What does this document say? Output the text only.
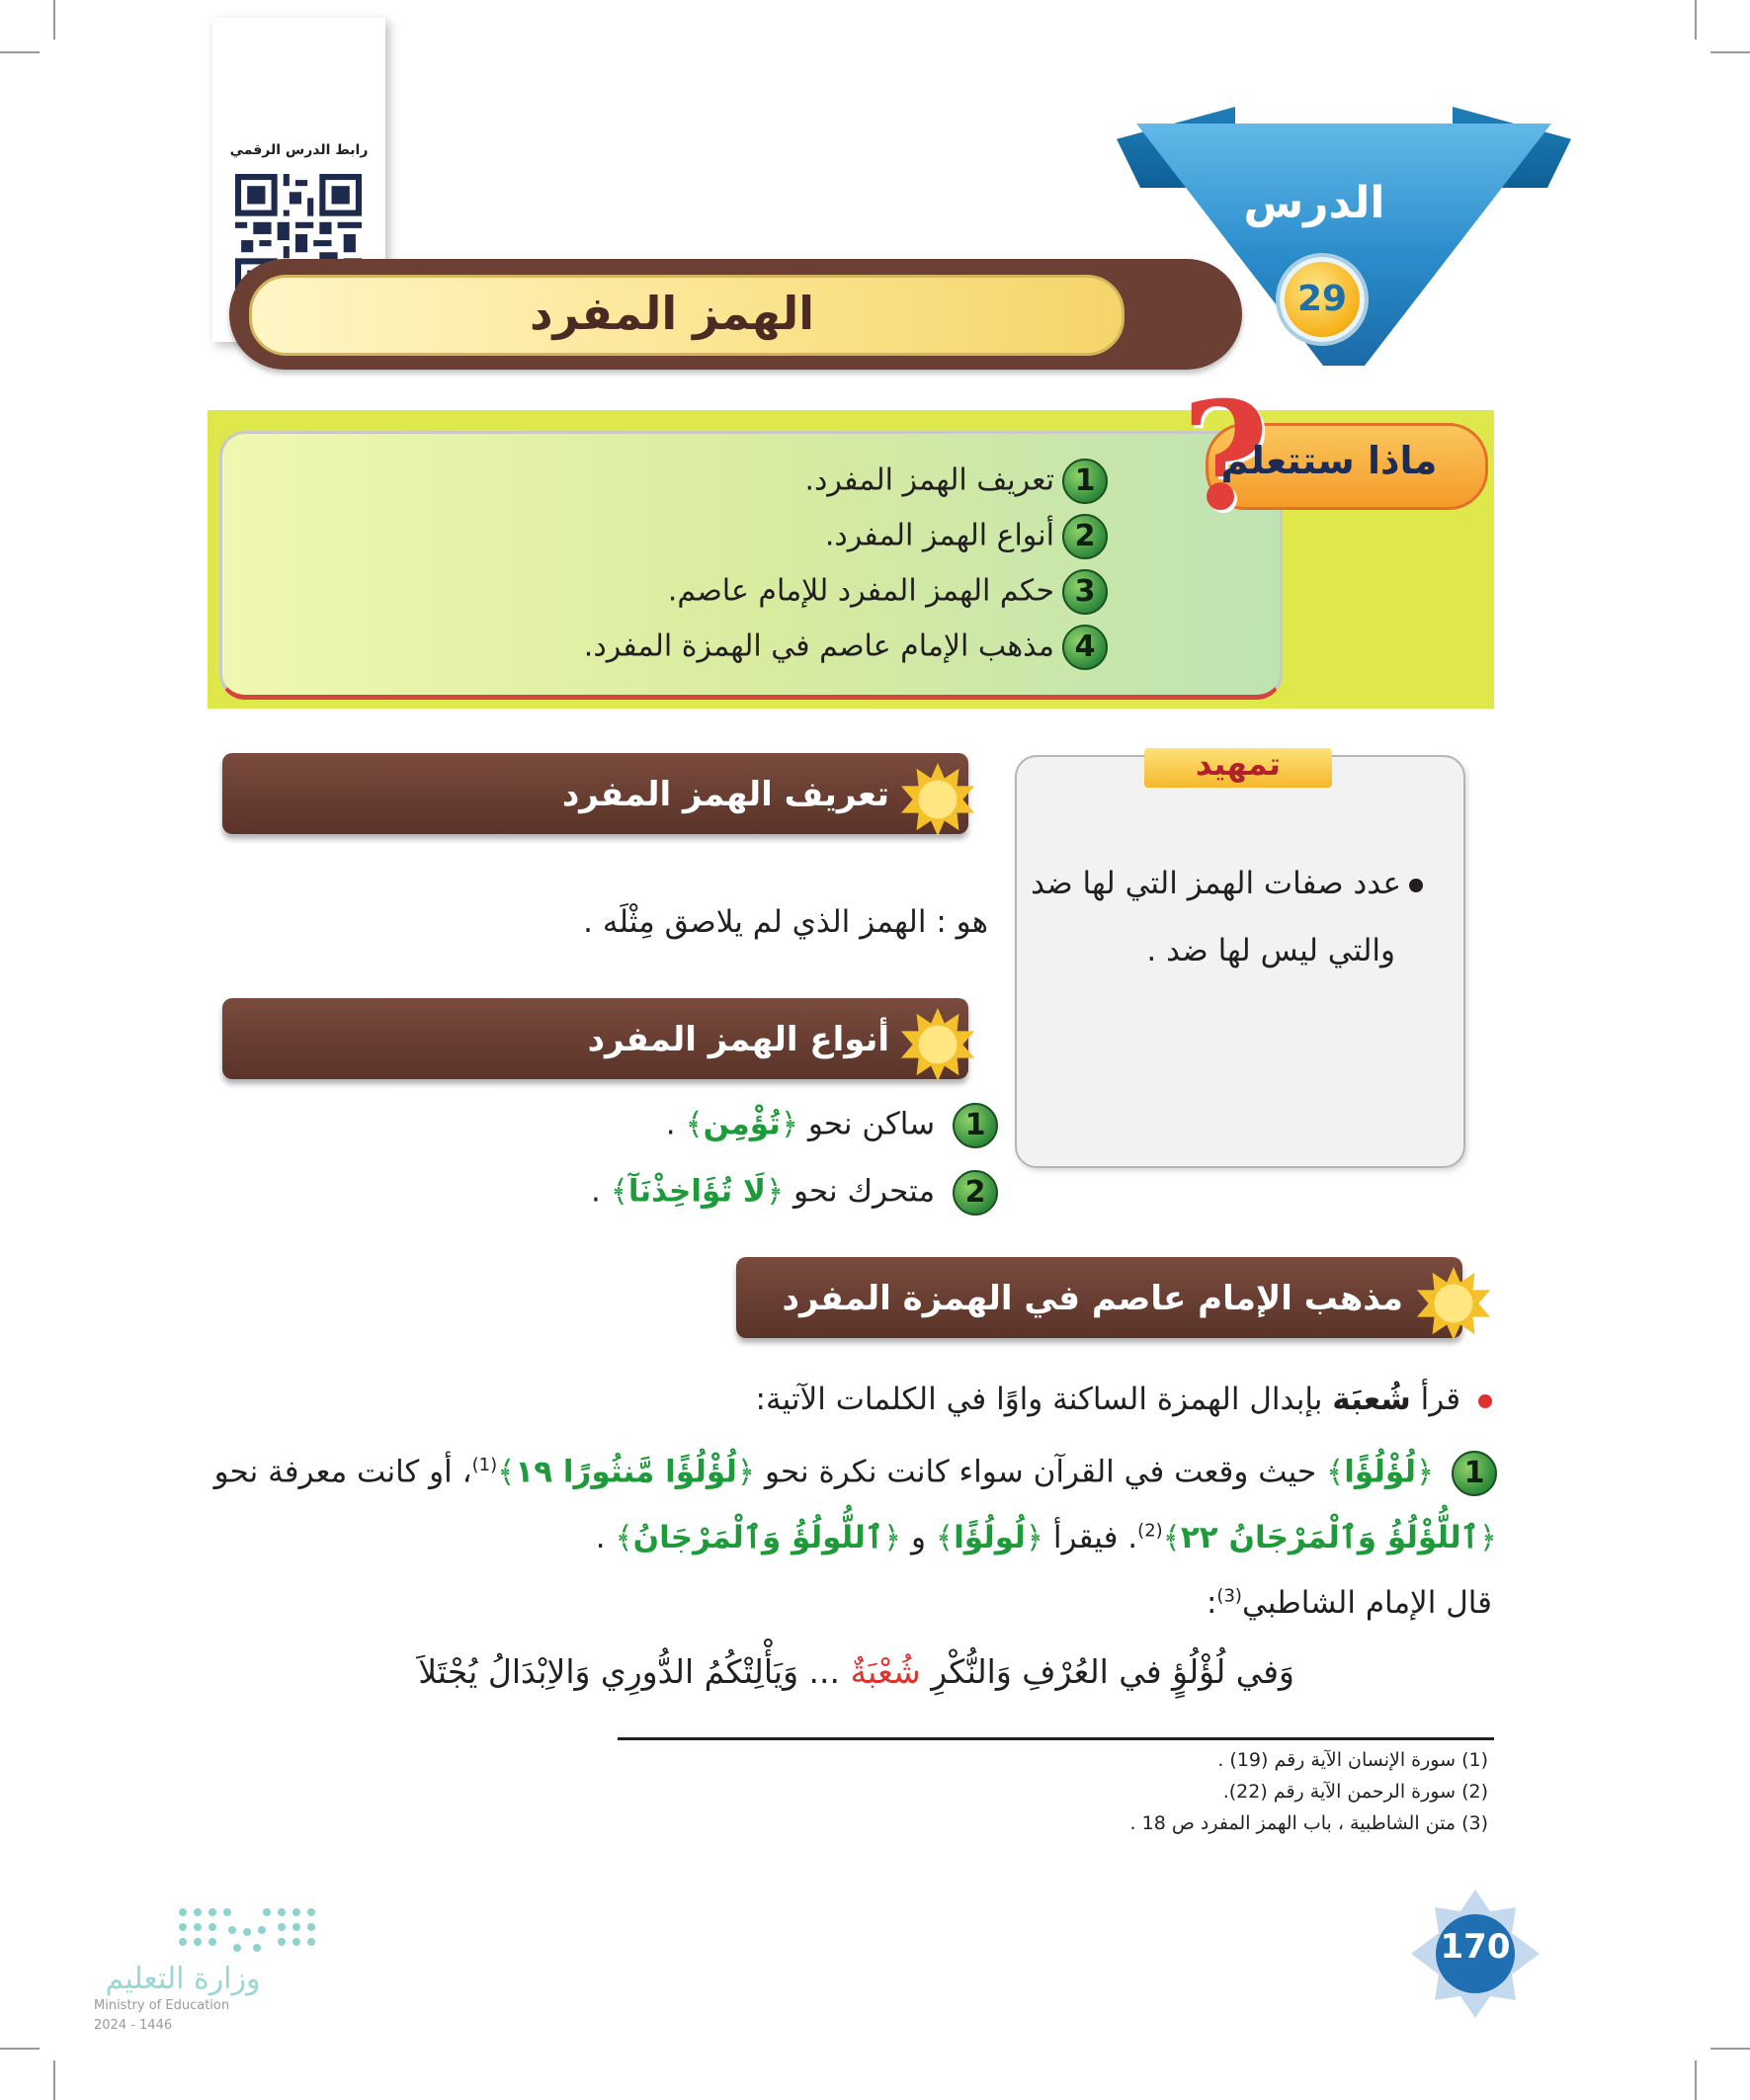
رابط الدرس الرقمي
الهمز المفرد
الدرس
29
?
ماذا ستتعلم
1تعريف الهمز المفرد.
2أنواع الهمز المفرد.
3حكم الهمز المفرد للإمام عاصم.
4مذهب الإمام عاصم في الهمزة المفرد.
تمهيد
عدد صفات الهمز التي لها ضد
والتي ليس لها ضد .
تعريف الهمز المفرد
هو : الهمز الذي لم يلاصق مِثْلَه .
أنواع الهمز المفرد
1 ساكن نحو ﴿تُؤْمِن﴾ .
2 متحرك نحو ﴿لَا تُؤَاخِذْنَآ﴾ .
مذهب الإمام عاصم في الهمزة المفرد
قرأ شُعبَة بإبدال الهمزة الساكنة واوًا في الكلمات الآتية:
1 ﴿لُؤْلُؤًا﴾ حيث وقعت في القرآن سواء كانت نكرة نحو ﴿لُؤْلُؤًا مَّنثُورًا ١٩﴾$^{(1)}$، أو كانت معرفة نحو
﴿ٱللُّؤْلُؤُ وَٱلْمَرْجَانُ ٢٢﴾$^{(2)}$. فيقرأ ﴿لُولُؤًا﴾ و ﴿ٱللُّولُؤُ وَٱلْمَرْجَانُ﴾ .
قال الإمام الشاطبي$^{(3)}$:
وَفي لُؤْلُؤٍ في العُرْفِ وَالنُّكْرِ شُعْبَةٌ ... وَيَأْلِتْكُمُ الدُّورِي وَالاِبْدَالُ يُجْتَلاَ
(1) سورة الإنسان الآية رقم (19) .
(2) سورة الرحمن الآية رقم (22).
(3) متن الشاطبية ، باب الهمز المفرد ص 18 .
170
وزارة التعليم
Ministry of Education
2024 - 1446
